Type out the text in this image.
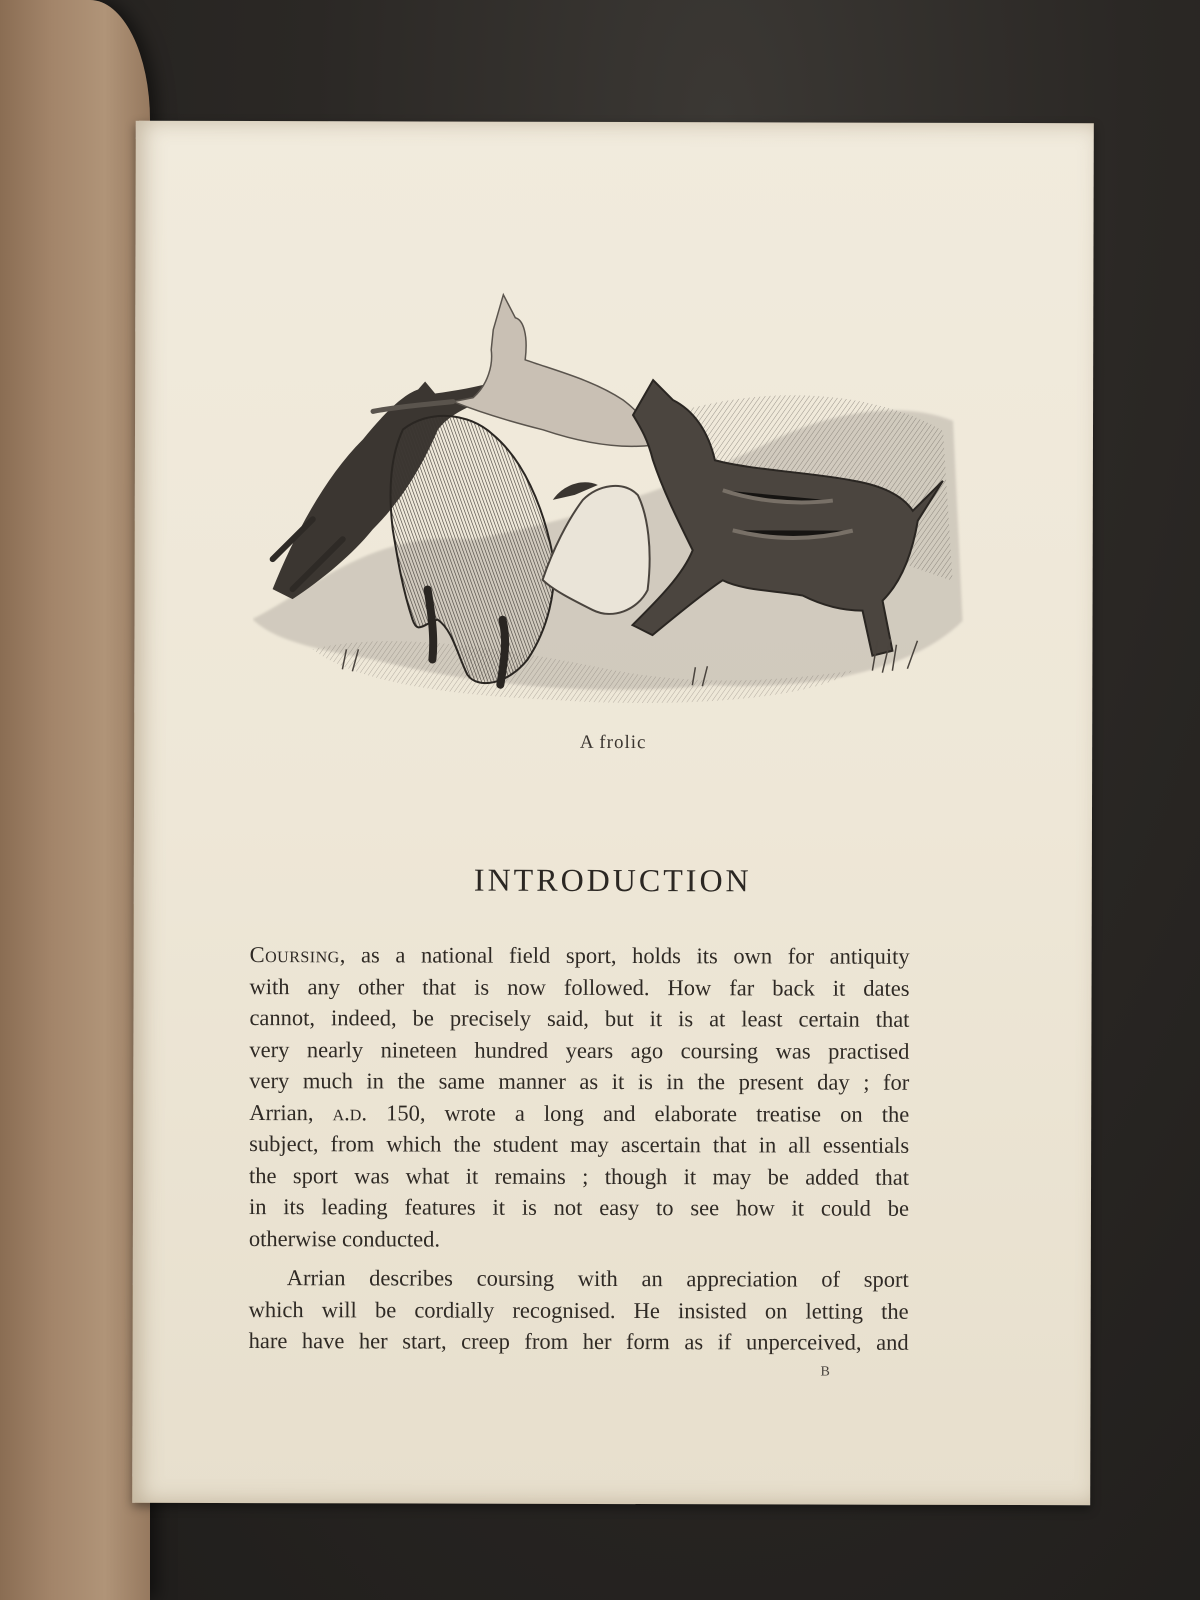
A frolic
INTRODUCTION
Coursing, as a national field sport, holds its own for antiquity
with any other that is now followed. How far back it dates
cannot, indeed, be precisely said, but it is at least certain that
very nearly nineteen hundred years ago coursing was practised
very much in the same manner as it is in the present day ; for
Arrian, a.d. 150, wrote a long and elaborate treatise on the
subject, from which the student may ascertain that in all essentials
the sport was what it remains ; though it may be added that
in its leading features it is not easy to see how it could be
otherwise conducted.
Arrian describes coursing with an appreciation of sport
which will be cordially recognised. He insisted on letting the
hare have her start, creep from her form as if unperceived, and
B
